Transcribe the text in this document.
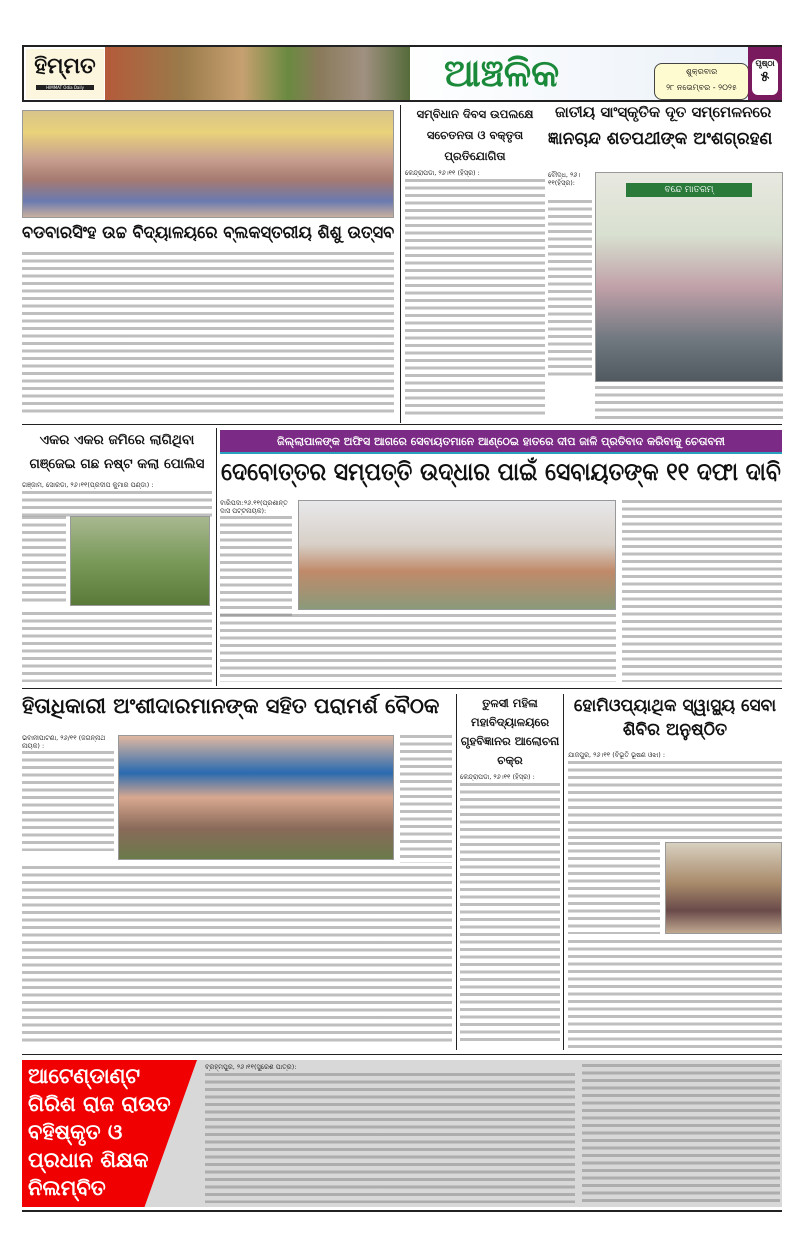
ହିମ୍ମତ
HIMMAT Odia Daily	ଆଞ୍ଚଳିକ	ଶୁକ୍ରବାର
୨୮ ନଭେମ୍ବର - ୨୦୨୫
ପୃଷ୍ଠା
୫
ବଡବାରସିଂହ ଉଚ୍ଚ ବିଦ୍ୟାଳୟରେ ବ୍ଲକସ୍ତରୀୟ ଶିଶୁ ଉତ୍ସବ
ସମ୍ବିଧାନ ଦିବସ ଉପଲକ୍ଷେ ସଚେତନତା ଓ ବକ୍ତୃତା ପ୍ରତିଯୋଗିତା
କେନ୍ଦ୍ରାପଡା, ୨୬।୧୧ (ହିସ୍ର) :
ଜାତୀୟ ସାଂସ୍କୃତିକ ଦୂତ ସମ୍ମେଳନରେ
ଜ୍ଞାନଚାନ୍ଦ ଶତପଥୀଙ୍କ ଅଂଶଗ୍ରହଣ
ବନ୍ଦେ ମାତରମ୍
ବୌଦ୍ଧ, ୨୬।୧୧(ହିସ୍ର):
ଏକର ଏକର ଜମିରେ ଲାଗିଥିବା ଗଞ୍ଜେଇ ଗଛ ନଷ୍ଟ କଲା ପୋଲିସ
ଗଞ୍ଜାମ, ସୋରଡା, ୨୬।୧୧(ପ୍ରଦୀପ କୁମାର ପଣ୍ଡା) :
ଜିଲ୍ଲାପାଳଙ୍କ ଅଫିସ ଆଗରେ ସେବାୟତମାନେ ଆଣ୍ଠେଇ ହାତରେ ଦୀପ ଜାଳି ପ୍ରତିବାଦ କରିବାକୁ ଚେତାବନୀ
ବାରିପଦା:୨୬.୧୧(ପ୍ରଶାନ୍ତ ଦାସ ପଟ୍ଟନାୟକ):
ଦେବୋତ୍ତର ସମ୍ପତ୍ତି ଉଦ୍ଧାର ପାଇଁ ସେବାୟତଙ୍କ ୧୧ ଦଫା ଦାବି
ଭବାନୀପାଟଣା, ୨୬/୧୧ (ଜଗନ୍ନାଥ ନାୟକ) :
ହିତାଧିକାରୀ ଅଂଶୀଦାରମାନଙ୍କ ସହିତ ପରାମର୍ଶ ବୈଠକ	ତୁଳସୀ ମହିଳା ମହାବିଦ୍ୟାଳୟରେ ଗୃହବିଜ୍ଞାନର ଆଲୋଚନା ଚକ୍ର
କେନ୍ଦ୍ରାପଡା, ୨୬।୧୧ (ହିସ୍ର) :
ହୋମିଓପ୍ୟାଥିକ ସ୍ୱାସ୍ଥ୍ୟ ସେବା ଶିବିର ଅନୁଷ୍ଠିତ
ଯାଜପୁର, ୨୬।୧୧ (ବିଭୂତି ଭୂଷଣ ଓଝା) :
ଆଟେଣ୍ଡାଣ୍ଟ ଗିରିଶ ରାଜ ରାଉତ ବହିଷ୍କୃତ ଓ ପ୍ରଧାନ ଶିକ୍ଷକ ନିଲମ୍ବିତ
ବ୍ରହ୍ମପୁର, ୨୬।୧୧(ସୁରେଶ ପାତ୍ର):
